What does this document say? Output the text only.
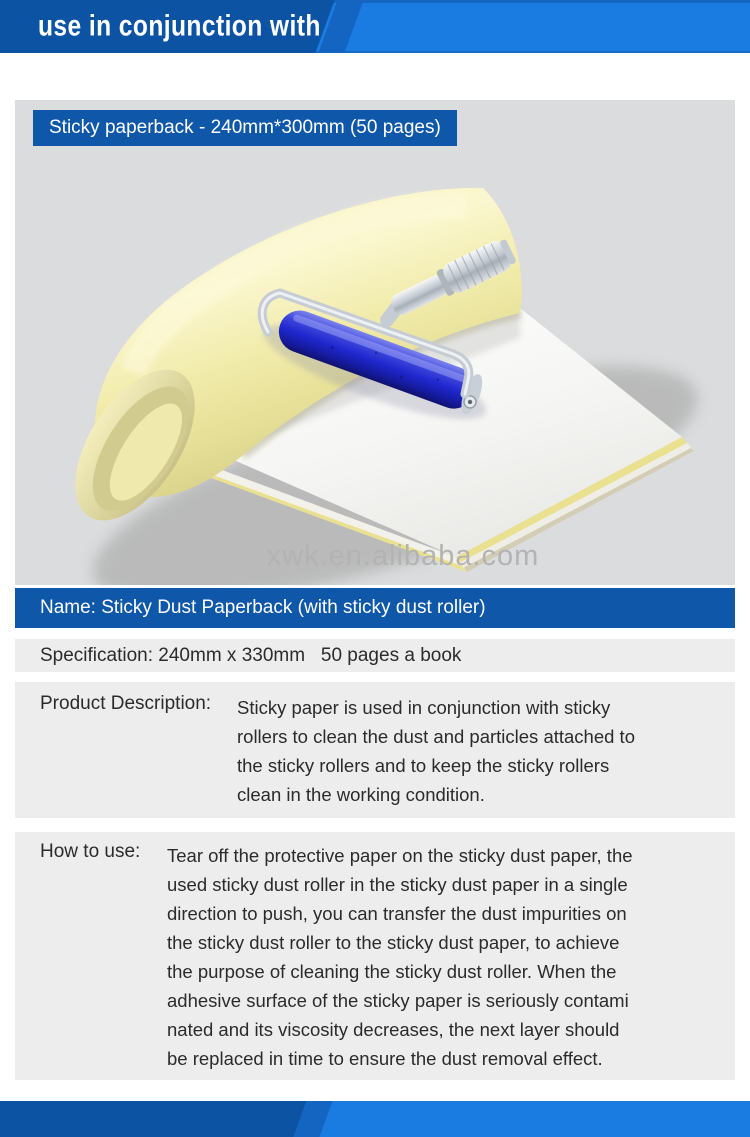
use in conjunction with
Sticky paperback - 240mm*300mm (50 pages)
xwk.en.alibaba.com
Name: Sticky Dust Paperback (with sticky dust roller)
Specification: 240mm x 330mm   50 pages a book
Product Description: Sticky paper is used in conjunction with sticky
rollers to clean the dust and particles attached to
the sticky rollers and to keep the sticky rollers
clean in the working condition.
How to use: Tear off the protective paper on the sticky dust paper, the
used sticky dust roller in the sticky dust paper in a single
direction to push, you can transfer the dust impurities on
the sticky dust roller to the sticky dust paper, to achieve
the purpose of cleaning the sticky dust roller. When the
adhesive surface of the sticky paper is seriously contami
nated and its viscosity decreases, the next layer should
be replaced in time to ensure the dust removal effect.
